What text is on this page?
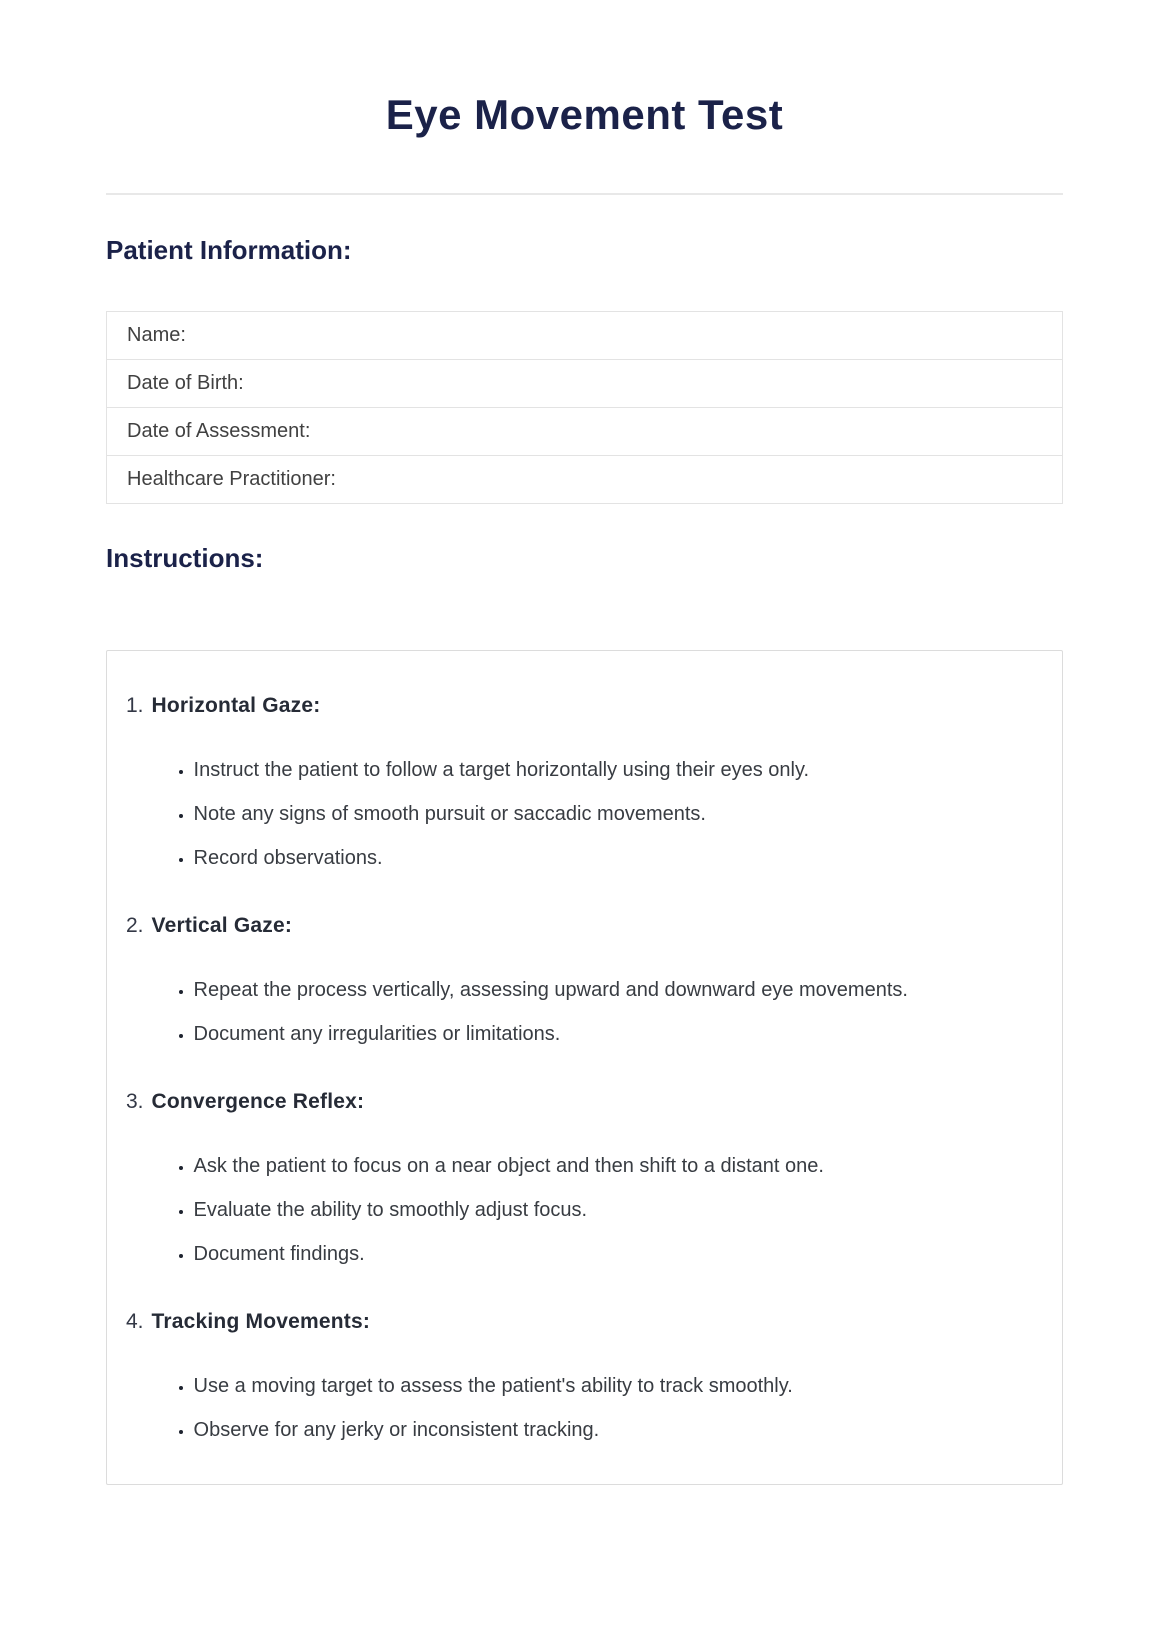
Eye Movement Test
Patient Information:
Name:
Date of Birth:
Date of Assessment:
Healthcare Practitioner:
Instructions:
1. Horizontal Gaze:
• Instruct the patient to follow a target horizontally using their eyes only.
• Note any signs of smooth pursuit or saccadic movements.
• Record observations.
2. Vertical Gaze:
• Repeat the process vertically, assessing upward and downward eye movements.
• Document any irregularities or limitations.
3. Convergence Reflex:
• Ask the patient to focus on a near object and then shift to a distant one.
• Evaluate the ability to smoothly adjust focus.
• Document findings.
4. Tracking Movements:
• Use a moving target to assess the patient's ability to track smoothly.
• Observe for any jerky or inconsistent tracking.
